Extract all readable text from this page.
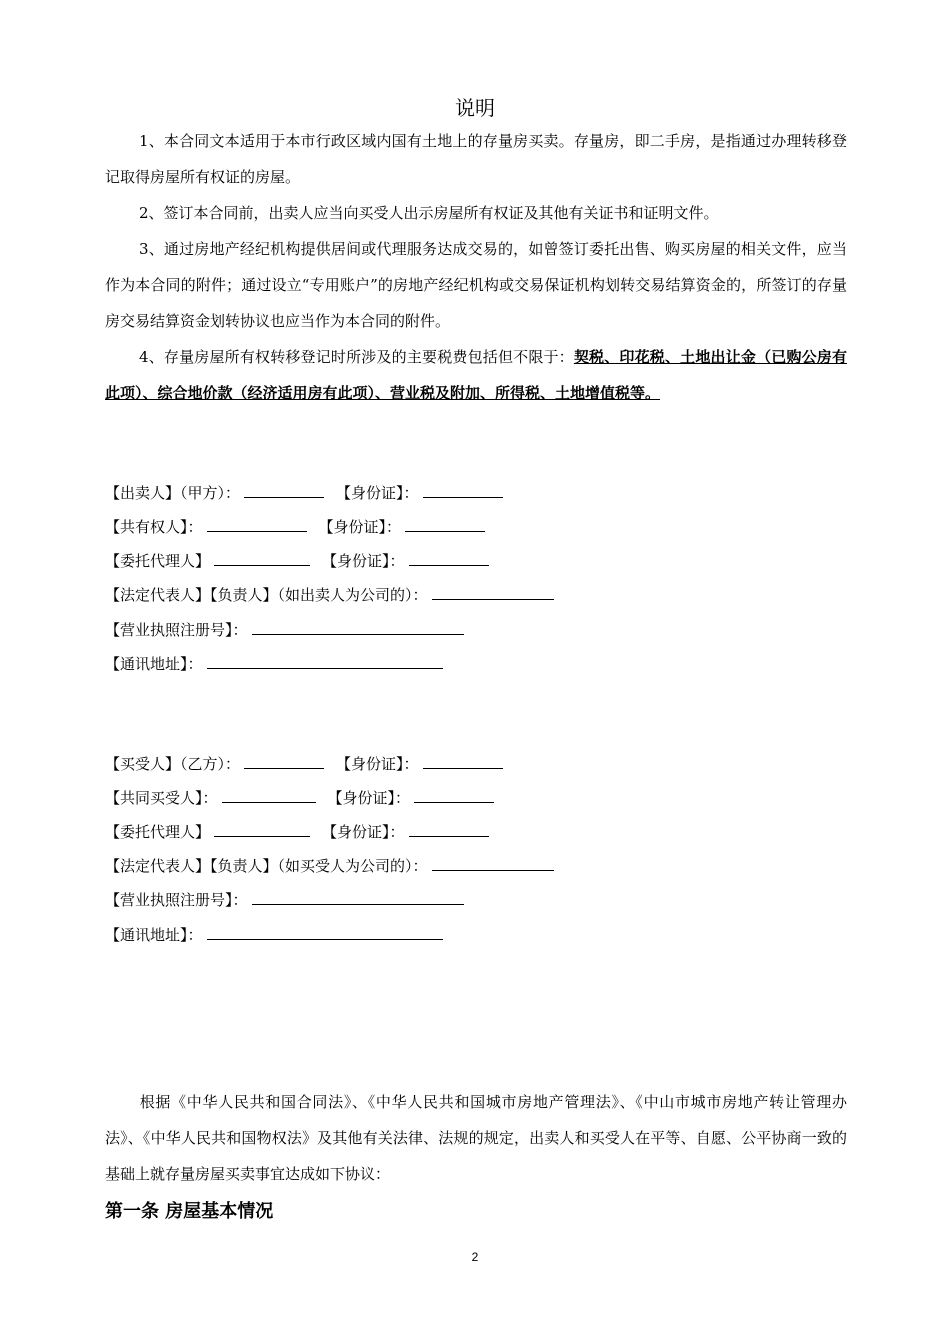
说明
1、本合同文本适用于本市行政区域内国有土地上的存量房买卖。存量房，即二手房，是指通过办理转移登记取得房屋所有权证的房屋。
2、签订本合同前，出卖人应当向买受人出示房屋所有权证及其他有关证书和证明文件。
3、通过房地产经纪机构提供居间或代理服务达成交易的，如曾签订委托出售、购买房屋的相关文件，应当作为本合同的附件；通过设立“专用账户”的房地产经纪机构或交易保证机构划转交易结算资金的，所签订的存量房交易结算资金划转协议也应当作为本合同的附件。
4、存量房屋所有权转移登记时所涉及的主要税费包括但不限于：契税、印花税、土地出让金（已购公房有此项）、综合地价款（经济适用房有此项）、营业税及附加、所得税、土地增值税等。
【出卖人】（甲方）：	【身份证】：
【共有权人】：	【身份证】：
【委托代理人】	【身份证】：
【法定代表人】【负责人】（如出卖人为公司的）：
【营业执照注册号】：
【通讯地址】：
【买受人】（乙方）：	【身份证】：
【共同买受人】：	【身份证】：
【委托代理人】	【身份证】：
【法定代表人】【负责人】（如买受人为公司的）：
【营业执照注册号】：
【通讯地址】：
根据《中华人民共和国合同法》、《中华人民共和国城市房地产管理法》、《中山市城市房地产转让管理办法》、《中华人民共和国物权法》及其他有关法律、法规的规定，出卖人和买受人在平等、自愿、公平协商一致的基础上就存量房屋买卖事宜达成如下协议：
第一条 房屋基本情况
2
